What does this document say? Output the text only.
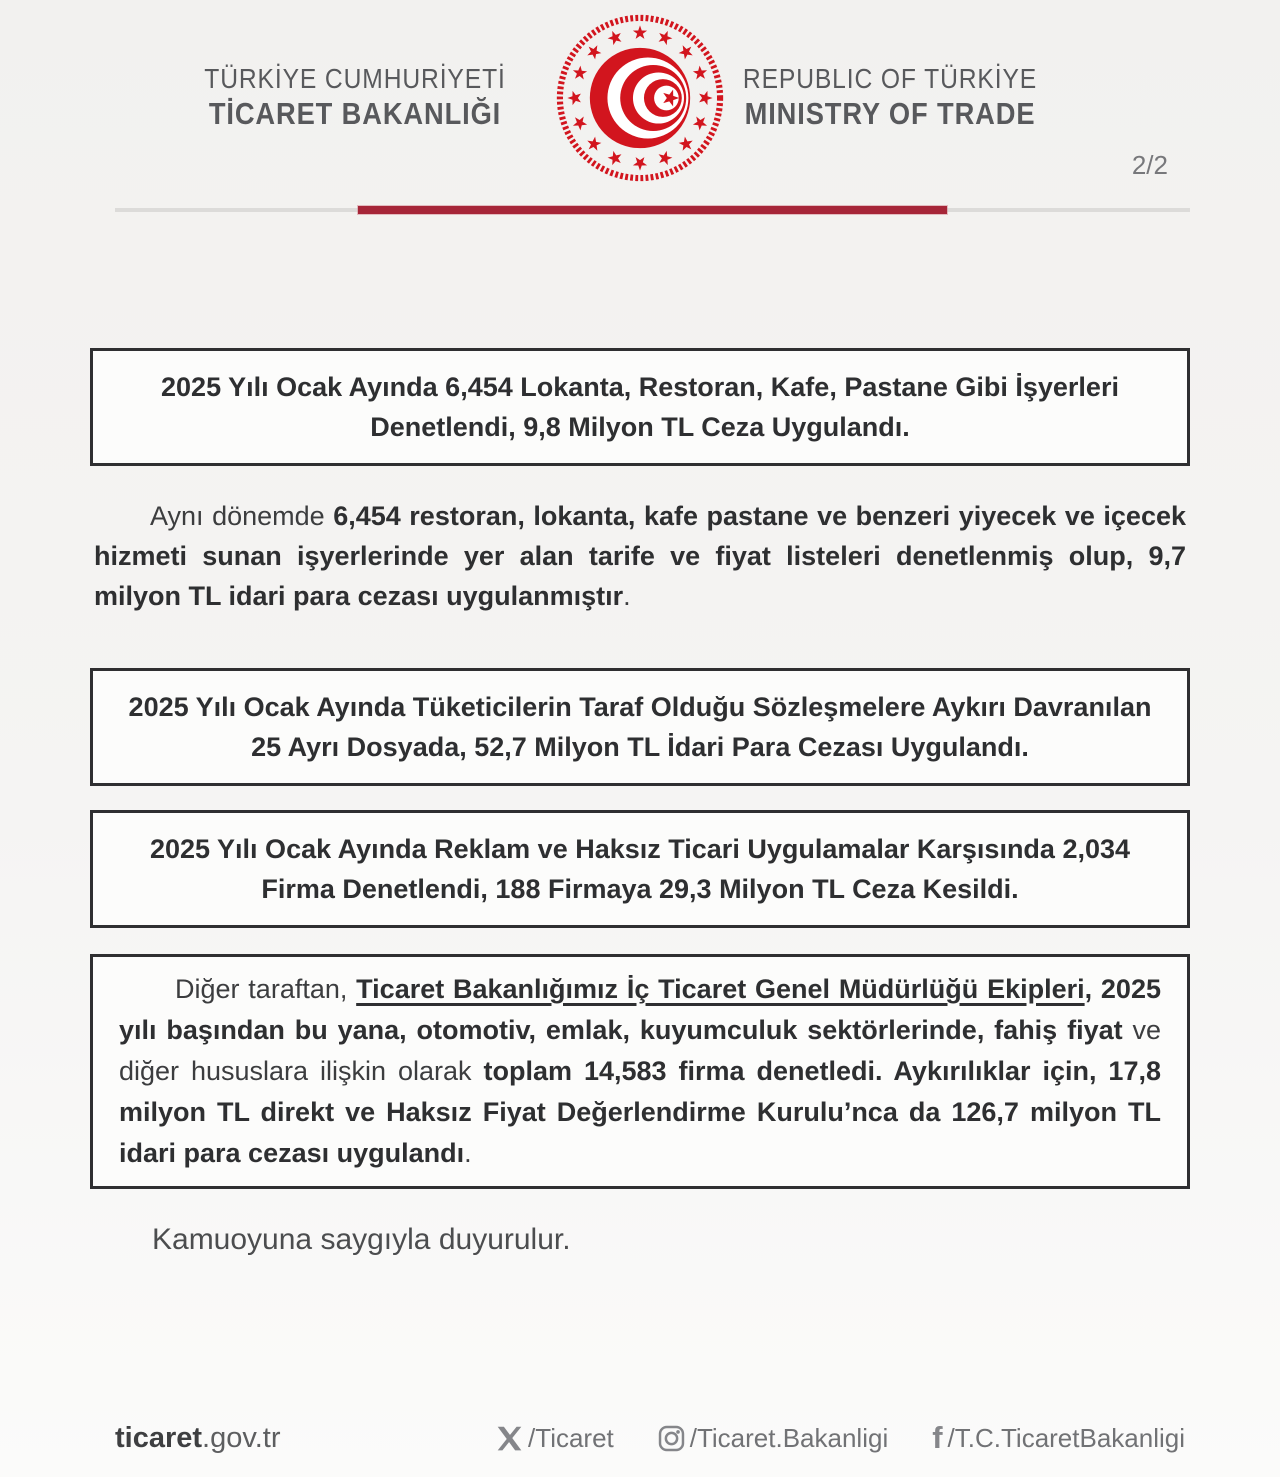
TÜRKİYE CUMHURİYETİ
TİCARET BAKANLIĞI
REPUBLIC OF TÜRKİYE
MINISTRY OF TRADE
2/2
2025 Yılı Ocak Ayında 6,454 Lokanta, Restoran, Kafe, Pastane Gibi İşyerleri Denetlendi, 9,8 Milyon TL Ceza Uygulandı.

Aynı dönemde 6,454 restoran, lokanta, kafe pastane ve benzeri yiyecek ve içecek hizmeti sunan işyerlerinde yer alan tarife ve fiyat listeleri denetlenmiş olup, 9,7 milyon TL idari para cezası uygulanmıştır.

2025 Yılı Ocak Ayında Tüketicilerin Taraf Olduğu Sözleşmelere Aykırı Davranılan 25 Ayrı Dosyada, 52,7 Milyon TL İdari Para Cezası Uygulandı.
2025 Yılı Ocak Ayında Reklam ve Haksız Ticari Uygulamalar Karşısında 2,034 Firma Denetlendi, 188 Firmaya 29,3 Milyon TL Ceza Kesildi.

Diğer taraftan, Ticaret Bakanlığımız İç Ticaret Genel Müdürlüğü Ekipleri, 2025 yılı başından bu yana, otomotiv, emlak, kuyumculuk sektörlerinde, fahiş fiyat ve diğer hususlara ilişkin olarak toplam 14,583 firma denetledi. Aykırılıklar için, 17,8 milyon TL direkt ve Haksız Fiyat Değerlendirme Kurulu’nca da 126,7 milyon TL idari para cezası uygulandı.

Kamuoyuna saygıyla duyurulur.

ticaret.gov.tr	/Ticaret	/Ticaret.Bakanligi f /T.C.TicaretBakanligi
